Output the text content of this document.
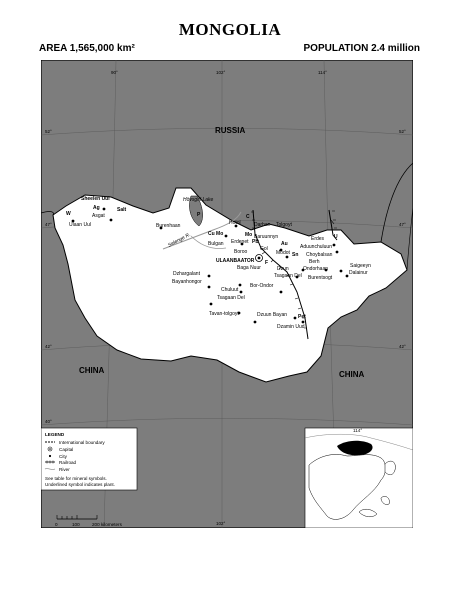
MONGOLIA
AREA 1,565,000 km²	POPULATION 2.4 million
90°	102°	114°
102°
52°
47°
42°
40°
52°
47°
42°
RUSSIA
CHINA	CHINA
Hövsgöl Lake
Selenge R.
Sheelen Uul
Ag	Salt
Asgat
W
Ulaan Uul	Burenhaan
P
Cu Mo
Bulgan Erdenet
Hotol	Darhan
Baruunnyn
Tolgoyt
Au
Boroo	Gol
Modot
ULAANBAATOR
Baga Nuur
Erdes
Aduunchuluun
Choybalsan
Sn
Berh
Ondorhaan
Burentsogt
Dzun
Tsagaan Del
Saigeeyn
Dalainur
Dzhargalant
Bayanhongor
Chuluut
Tsagaan Del
Bor-Ondor
Tavan-tolgoyt	Dzuun Bayan
Dzamin Uud
Pet
C
F
U
Mo
Pb
LEGEND
International boundary
Capital
City
Railroad
River
See table for mineral symbols.
Underlined symbol indicates plant.
0	100	200 kilometers
114°
